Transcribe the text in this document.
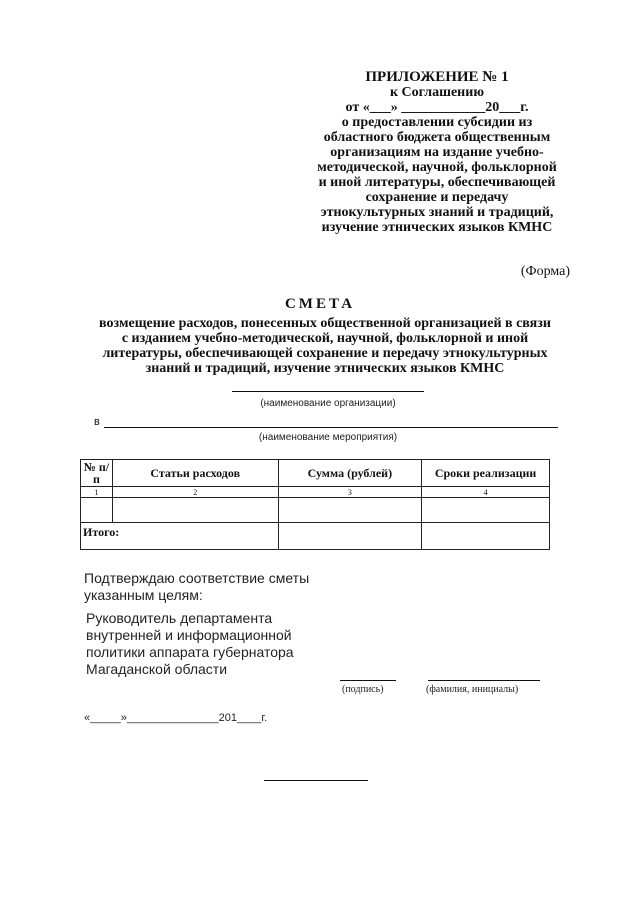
ПРИЛОЖЕНИЕ № 1
к Соглашению
от «___» ____________20___г.
о предоставлении субсидии из
областного бюджета общественным
организациям на издание учебно-
методической, научной, фольклорной
и иной литературы, обеспечивающей
сохранение и передачу
этнокультурных знаний и традиций,
изучение этнических языков КМНС
(Форма)
СМЕТА
возмещение расходов, понесенных общественной организацией в связи
с изданием учебно-методической, научной, фольклорной и иной
литературы, обеспечивающей сохранение и передачу этнокультурных
знаний и традиций, изучение этнических языков КМНС
(наименование организации)
в
(наименование мероприятия)
№ п/п	Статьи расходов	Сумма (рублей)	Сроки реализации
1	2	3	4

Итого:			
Подтверждаю соответствие сметы
указанным целям:
Руководитель департамента
внутренней и информационной
политики аппарата губернатора
Магаданской области
(подпись)	(фамилия, инициалы)
«_____»_______________201____г.
